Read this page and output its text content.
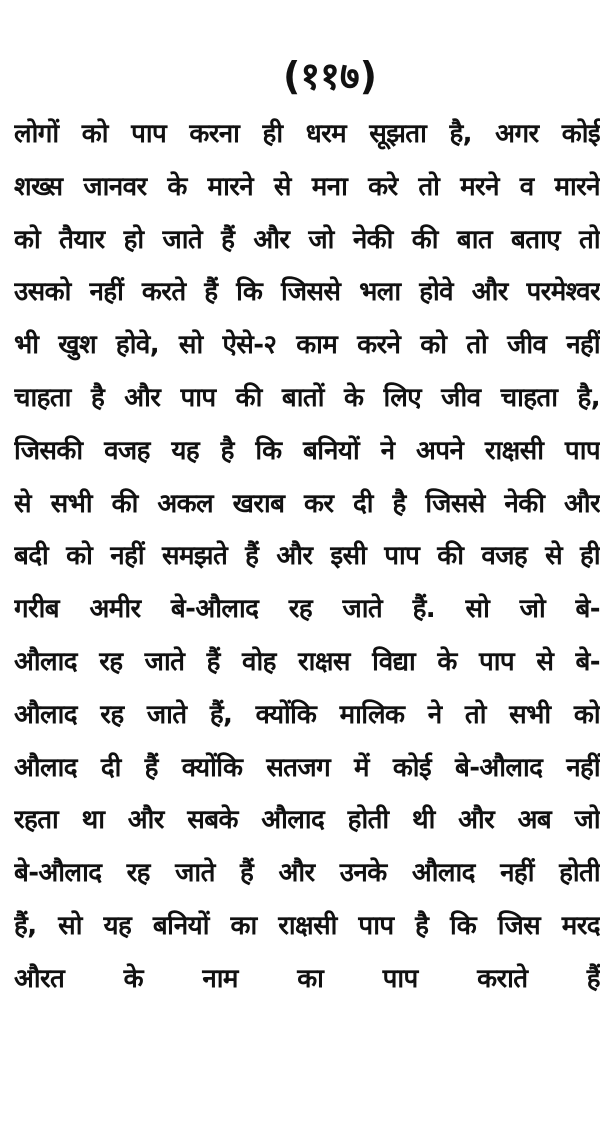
(११७)
लोगों को पाप करना ही धरम सूझता है, अगर कोई
शख्स जानवर के मारने से मना करे तो मरने व मारने
को तैयार हो जाते हैं और जो नेकी की बात बताए तो
उसको नहीं करते हैं कि जिससे भला होवे और परमेश्वर
भी खुश होवे, सो ऐसे-२ काम करने को तो जीव नहीं
चाहता है और पाप की बातों के लिए जीव चाहता है,
जिसकी वजह यह है कि बनियों ने अपने राक्षसी पाप
से सभी की अकल खराब कर दी है जिससे नेकी और
बदी को नहीं समझते हैं और इसी पाप की वजह से ही
गरीब अमीर बे-औलाद रह जाते हैं. सो जो बे-
औलाद रह जाते हैं वोह राक्षस विद्या के पाप से बे-
औलाद रह जाते हैं, क्योंकि मालिक ने तो सभी को
औलाद दी हैं क्योंकि सतजग में कोई बे-औलाद नहीं
रहता था और सबके औलाद होती थी और अब जो
बे-औलाद रह जाते हैं और उनके औलाद नहीं होती
हैं, सो यह बनियों का राक्षसी पाप है कि जिस मरद
औरत के नाम का पाप कराते हैं
